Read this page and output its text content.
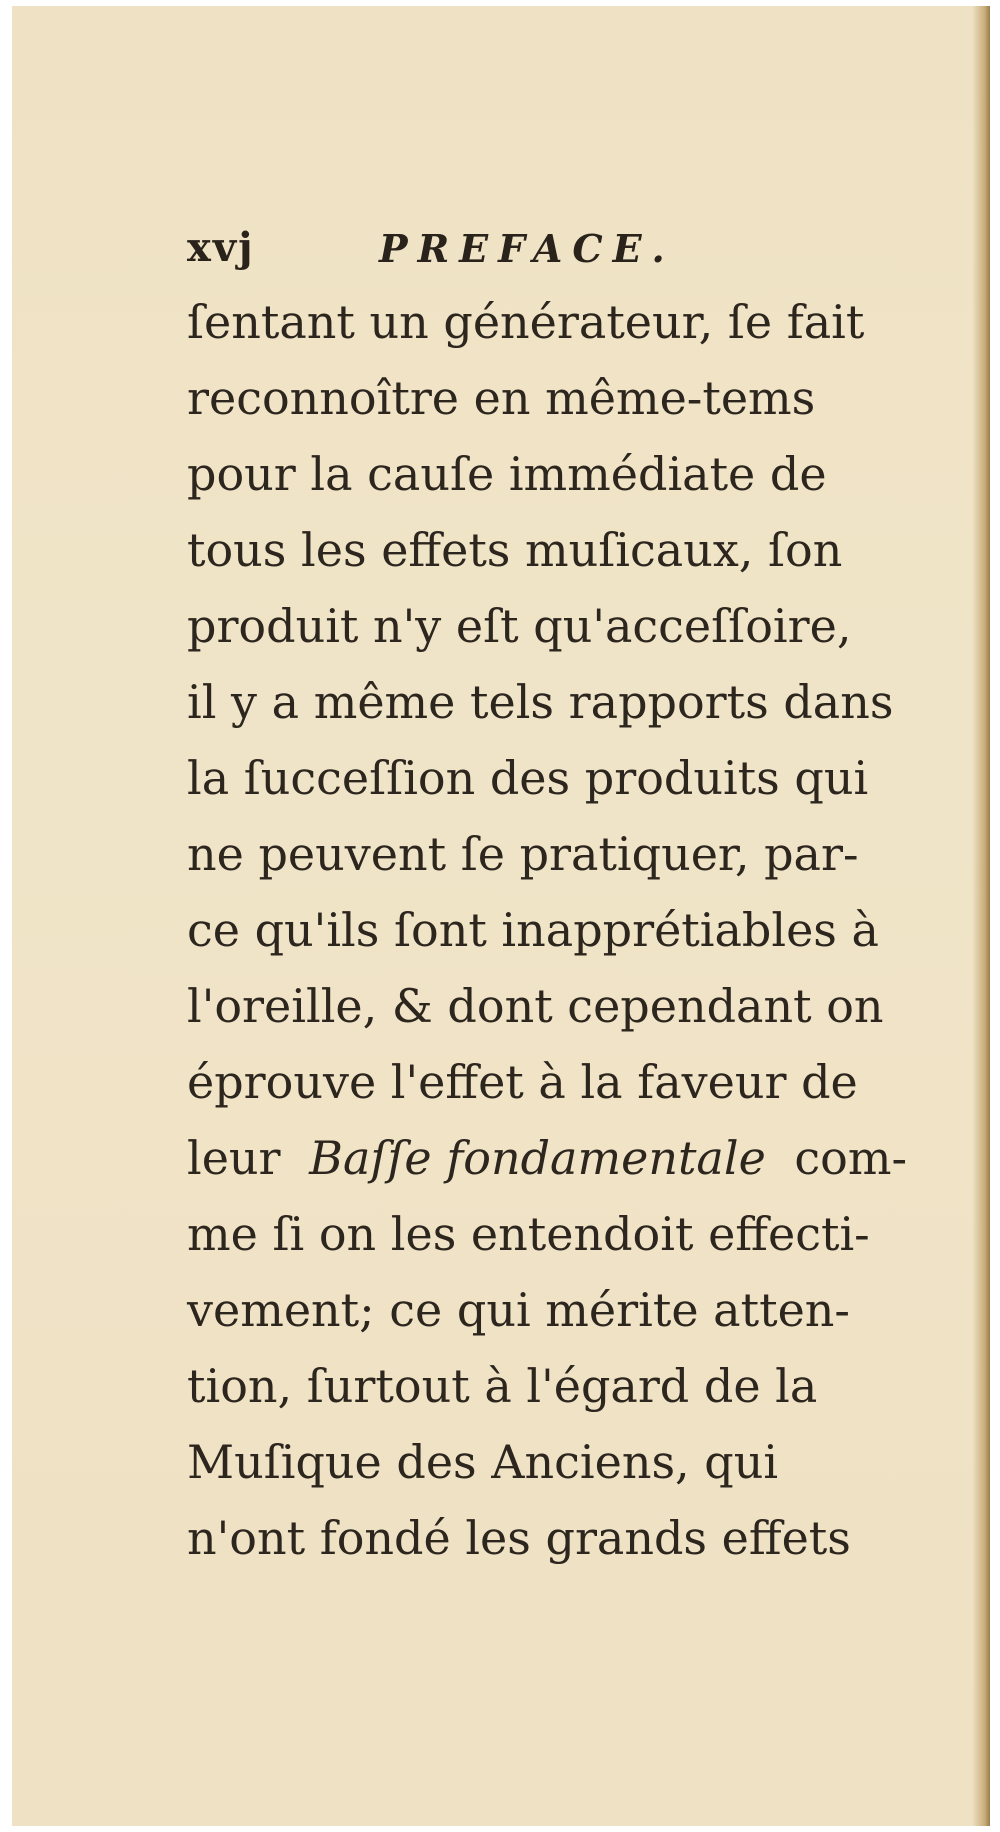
xvj	PREFACE.
ſentant un générateur, ſe fait
reconnoître en même-tems
pour la cauſe immédiate de
tous les effets muſicaux, ſon
produit n'y eſt qu'acceſſoire,
il y a même tels rapports dans
la ſucceſſion des produits qui
ne peuvent ſe pratiquer, par-
ce qu'ils ſont inapprétiables à
l'oreille, & dont cependant on
éprouve l'effet à la faveur de
leur Baſſe fondamentale com-
me ſi on les entendoit effecti-
vement; ce qui mérite atten-
tion, ſurtout à l'égard de la
Muſique des Anciens, qui
n'ont fondé les grands effets
